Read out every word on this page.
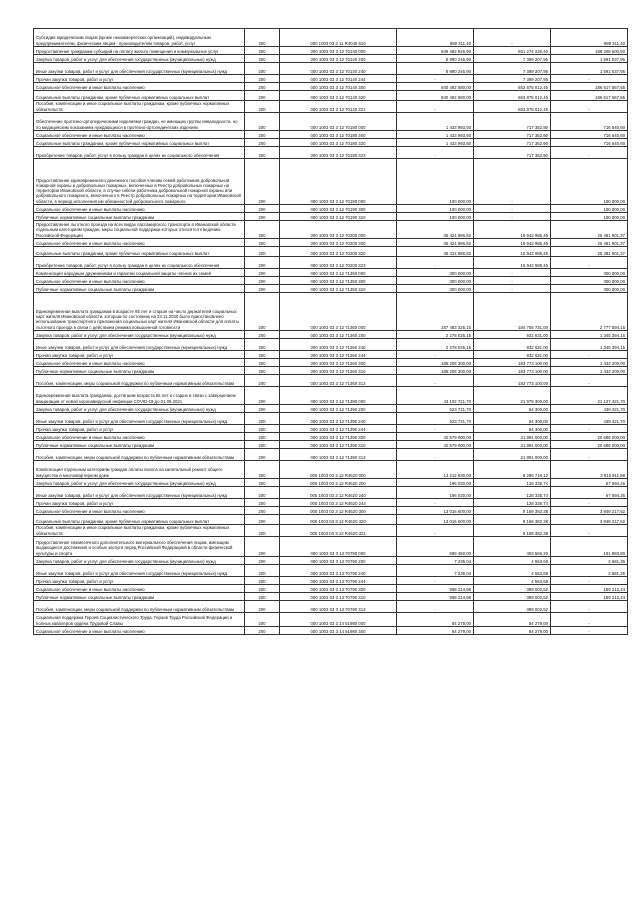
Субсидия юридическим лицам (кроме некоммерческих организаций), индивидуальным предпринимателям, физическим лицам - производителям товаров, работ, услуг	200	000 1003 03 3 11 R4040 810	989 311,40	-	989 311,40
Предоставление гражданам субсидий на оплату жилого помещения и коммунальных услуг	200	000 1003 03 3 12 70140 000	849 482 826,90	661 274 226,40	188 208 600,50
Закупка товаров, работ и услуг для обеспечения государственных (муниципальных) нужд	200	000 1003 03 3 12 70140 200	8 990 246,90	7 399 207,95	1 591 037,95
Иные закупки товаров, работ и услуг для обеспечения государственных (муниципальных) нужд	200	000 1003 03 3 12 70140 240	8 990 246,90	7 399 207,95	1 591 037,95
Прочая закупка товаров, работ и услуг	200	000 1003 03 3 12 70140 244	-	7 399 207,95	-
Социальное обеспечение и иные выплаты населению	200	000 1003 03 3 12 70140 300	840 492 580,00	653 875 012,45	186 617 567,55
Социальные выплаты гражданам, кроме публичных нормативных социальных выплат	200	000 1003 03 3 12 70140 320	840 492 580,00	653 875 012,45	186 617 567,55
Пособия, компенсации и иные социальные выплаты гражданам, кроме публичных нормативных обязательств	200	000 1003 03 3 12 70140 321	-	653 875 012,45	-
Обеспечение протезно-ортопедическими изделиями граждан, не имеющих группы инвалидности, но по медицинским показаниям нуждающихся в протезно-ортопедических изделиях	200	000 1003 03 3 12 70180 000	1 433 993,50	717 352,90	716 640,60
Социальное обеспечение и иные выплаты населению	200	000 1003 03 3 12 70180 300	1 433 993,50	717 352,90	716 640,60
Социальные выплаты гражданам, кроме публичных нормативных социальных выплат	200	000 1003 03 3 12 70180 320	1 433 993,50	717 352,90	716 640,60
Приобретение товаров, работ, услуг в пользу граждан в целях их социального обеспечения	200	000 1003 03 3 12 70180 323	-	717 352,90	-
Предоставление единовременного денежного пособия членам семей работников добровольной пожарной охраны и добровольных пожарных, включенных в Реестр добровольных пожарных на территории Ивановской области, в случае гибели работника добровольной пожарной охраны или добровольного пожарного, включенного в Реестр добровольных пожарных на территории Ивановской области, в период исполнения им обязанностей добровольного пожарного	200	000 1003 03 3 12 70190 000	100 000,00	-	100 000,00
Социальное обеспечение и иные выплаты населению	200	000 1003 03 3 12 70190 300	100 000,00	-	100 000,00
Публичные нормативные социальные выплаты гражданам	200	000 1003 03 3 12 70190 310	100 000,00	-	100 000,00
Предоставление льготного проезда на всех видах пассажирского транспорта в Ивановской области отдельным категориям граждан, меры социальной поддержки которых относятся к ведению Российской Федерации	200	000 1003 03 3 12 70200 000	35 424 886,82	15 942 985,45	25 481 901,37
Социальное обеспечение и иные выплаты населению	200	000 1003 03 3 12 70200 300	35 424 886,82	15 942 985,45	25 481 901,37
Социальные выплаты гражданам, кроме публичных нормативных социальных выплат	200	000 1003 03 3 12 70200 320	35 424 886,82	15 942 985,45	25 481 901,37
Приобретение товаров, работ, услуг в пользу граждан в целях их социального обеспечения	200	000 1003 03 3 12 70200 323	-	15 942 985,45	-
Компенсация народным дружинникам и гарантии социальной защиты членов их семей	200	000 1003 03 3 12 71350 000	300 000,00	-	300 000,00
Социальное обеспечение и иные выплаты населению	200	000 1003 03 3 12 71350 300	300 000,00	-	300 000,00
Публичные нормативные социальные выплаты гражданам	200	000 1003 03 3 12 71350 310	300 000,00	-	300 000,00
Единовременная выплата гражданам в возрасте 65 лет и старше на число держателей социальных карт жителя Ивановской области, которым по состоянию на 24.11.2020 было приостановлено использование транспортного приложения социальных карт жителя Ивановской области для оплаты льготного проезда в связи с действием режима повышенной готовности	200	000 1003 03 3 12 71360 000	187 483 325,15	184 705 731,00	2 777 594,15
Закупка товаров, работ и услуг для обеспечения государственных (муниципальных) нужд	200	000 1003 03 3 12 71360 200	2 278 025,15	932 631,00	1 345 394,15
Иные закупки товаров, работ и услуг для обеспечения государственных (муниципальных) нужд	200	000 1003 03 3 12 71360 240	2 278 025,15	932 631,00	1 345 394,15
Прочая закупка товаров, работ и услуг	200	000 1003 03 3 12 71360 244	-	932 631,00	-
Социальное обеспечение и иные выплаты населению	200	000 1003 03 3 12 71360 300	185 205 300,00	183 773 100,00	1 432 200,00
Публичные нормативные социальные выплаты гражданам	200	000 1003 03 3 12 71360 310	185 205 300,00	183 773 100,00	1 432 200,00
Пособия, компенсации, меры социальной поддержки по публичным нормативным обязательствам	200	000 1003 03 3 12 71360 313	-	183 773 100,00	-
Единовременная выплата гражданам, достигшим возраста 65 лет и старше в связи с завершением вакцинации от новой коронавирусной инфекции COVID-19 до 01.09.2021	200	000 1003 03 3 12 71390 000	43 102 721,70	21 975 300,00	21 127 421,70
Закупка товаров, работ и услуг для обеспечения государственных (муниципальных) нужд	200	000 1003 03 3 12 71390 200	523 721,70	84 300,00	439 421,70
Иные закупки товаров, работ и услуг для обеспечения государственных (муниципальных) нужд	200	000 1003 03 3 12 71390 240	523 721,70	84 300,00	439 421,70
Прочая закупка товаров, работ и услуг	200	000 1003 03 3 12 71390 244	-	84 300,00	-
Социальное обеспечение и иные выплаты населению	200	000 1003 03 3 12 71390 300	42 579 000,00	21 891 000,00	20 688 000,00
Публичные нормативные социальные выплаты гражданам	200	000 1003 03 3 12 71390 310	42 579 000,00	21 891 000,00	20 688 000,00
Пособия, компенсации, меры социальной поддержки по публичным нормативным обязательствам	200	000 1003 03 3 12 71390 313	-	21 891 000,00	-
Компенсация отдельным категориям граждан оплаты взноса на капитальный ремонт общего имущества в многоквартирном доме	200	000 1003 03 3 12 R4620 000	13 212 630,00	9 296 718,12	3 915 911,88
Закупка товаров, работ и услуг для обеспечения государственных (муниципальных) нужд	200	000 1003 03 3 12 R4620 200	196 030,00	128 335,74	67 694,26
Иные закупки товаров, работ и услуг для обеспечения государственных (муниципальных) нужд	200	000 1003 03 3 12 R4620 240	196 030,00	128 335,74	67 694,26
Прочая закупка товаров, работ и услуг	200	000 1003 03 3 12 R4620 244	-	128 335,74	-
Социальное обеспечение и иные выплаты населению	200	000 1003 03 3 12 R4620 300	13 016 600,00	9 168 382,38	3 848 217,62
Социальные выплаты гражданам, кроме публичных нормативных социальных выплат	200	000 1003 03 3 12 R4620 320	13 016 600,00	9 168 382,38	3 848 217,62
Пособия, компенсации и иные социальные выплаты гражданам, кроме публичных нормативных обязательств	200	000 1003 03 3 12 R4620 321	-	9 168 382,38	-
Предоставление ежемесячного дополнительного материального обеспечения лицам, имеющим выдающиеся достижения и особые заслуги перед Российской Федерацией в области физической культуры и спорта	200	000 1003 03 3 13 70790 000	595 450,00	403 566,20	191 883,80
Закупка товаров, работ и услуг для обеспечения государственных (муниципальных) нужд	200	000 1003 03 3 13 70790 200	7 235,04	4 553,68	2 681,36
Иные закупки товаров, работ и услуг для обеспечения государственных (муниципальных) нужд	200	000 1003 03 3 13 70790 240	7 235,04	4 553,68	2 681,36
Прочая закупка товаров, работ и услуг	200	000 1003 03 3 13 70790 244	-	4 553,68	-
Социальное обеспечение и иные выплаты населению	200	000 1003 03 3 13 70790 300	588 214,96	399 002,52	189 212,44
Публичные нормативные социальные выплаты гражданам	200	000 1003 03 3 13 70790 310	588 214,96	399 002,52	189 212,44
Пособия, компенсации, меры социальной поддержки по публичным нормативным обязательствам	200	000 1003 03 3 13 70790 313	-	399 002,52	-
Социальная поддержка Героев Социалистического Труда, Героев Труда Российской Федерации и полных кавалеров ордена Трудовой Славы	200	000 1003 03 3 14 51980 000	84 279,00	84 279,00	-
Социальное обеспечение и иные выплаты населению	200	000 1003 03 3 14 51980 300	84 279,00	84 279,00	-
